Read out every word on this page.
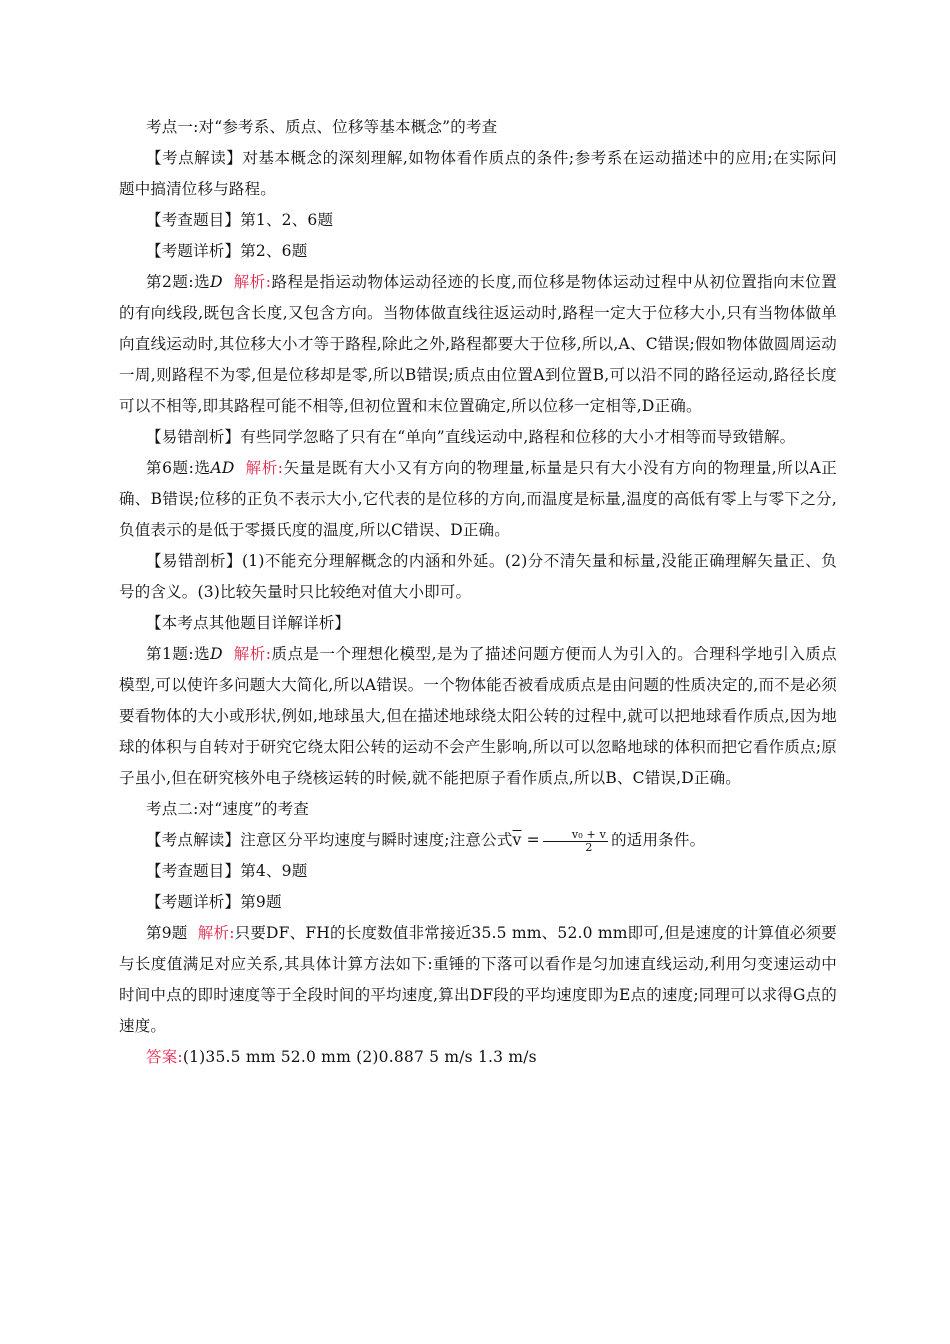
考点一:对“参考系、质点、位移等基本概念”的考查

【考点解读】对基本概念的深刻理解,如物体看作质点的条件;参考系在运动描述中的应用;在实际问题中搞清位移与路程。

【考查题目】第1、2、6题

【考题详析】第2、6题

第2题:选D 解析:路程是指运动物体运动径迹的长度,而位移是物体运动过程中从初位置指向末位置的有向线段,既包含长度,又包含方向。当物体做直线往返运动时,路程一定大于位移大小,只有当物体做单向直线运动时,其位移大小才等于路程,除此之外,路程都要大于位移,所以,A、C错误;假如物体做圆周运动一周,则路程不为零,但是位移却是零,所以B错误;质点由位置A到位置B,可以沿不同的路径运动,路径长度可以不相等,即其路程可能不相等,但初位置和末位置确定,所以位移一定相等,D正确。

【易错剖析】有些同学忽略了只有在“单向”直线运动中,路程和位移的大小才相等而导致错解。

第6题:选AD 解析:矢量是既有大小又有方向的物理量,标量是只有大小没有方向的物理量,所以A正确、B错误;位移的正负不表示大小,它代表的是位移的方向,而温度是标量,温度的高低有零上与零下之分,负值表示的是低于零摄氏度的温度,所以C错误、D正确。

【易错剖析】(1)不能充分理解概念的内涵和外延。(2)分不清矢量和标量,没能正确理解矢量正、负号的含义。(3)比较矢量时只比较绝对值大小即可。

【本考点其他题目详解详析】

第1题:选D 解析:质点是一个理想化模型,是为了描述问题方便而人为引入的。合理科学地引入质点模型,可以使许多问题大大简化,所以A错误。一个物体能否被看成质点是由问题的性质决定的,而不是必须要看物体的大小或形状,例如,地球虽大,但在描述地球绕太阳公转的过程中,就可以把地球看作质点,因为地球的体积与自转对于研究它绕太阳公转的运动不会产生影响,所以可以忽略地球的体积而把它看作质点;原子虽小,但在研究核外电子绕核运转的时候,就不能把原子看作质点,所以B、C错误,D正确。

考点二:对“速度”的考查

【考点解读】注意区分平均速度与瞬时速度;注意公式$\overline{v} = \frac{\text{v₀ + v}}{2}$ 的适用条件。

【考查题目】第4、9题

【考题详析】第9题

第9题 解析:只要DF、FH的长度数值非常接近35.5 mm、52.0 mm即可,但是速度的计算值必须要与长度值满足对应关系,其具体计算方法如下:重锤的下落可以看作是匀加速直线运动,利用匀变速运动中时间中点的即时速度等于全段时间的平均速度,算出DF段的平均速度即为E点的速度;同理可以求得G点的速度。

答案:(1)35.5 mm 52.0 mm (2)0.887 5 m/s 1.3 m/s
